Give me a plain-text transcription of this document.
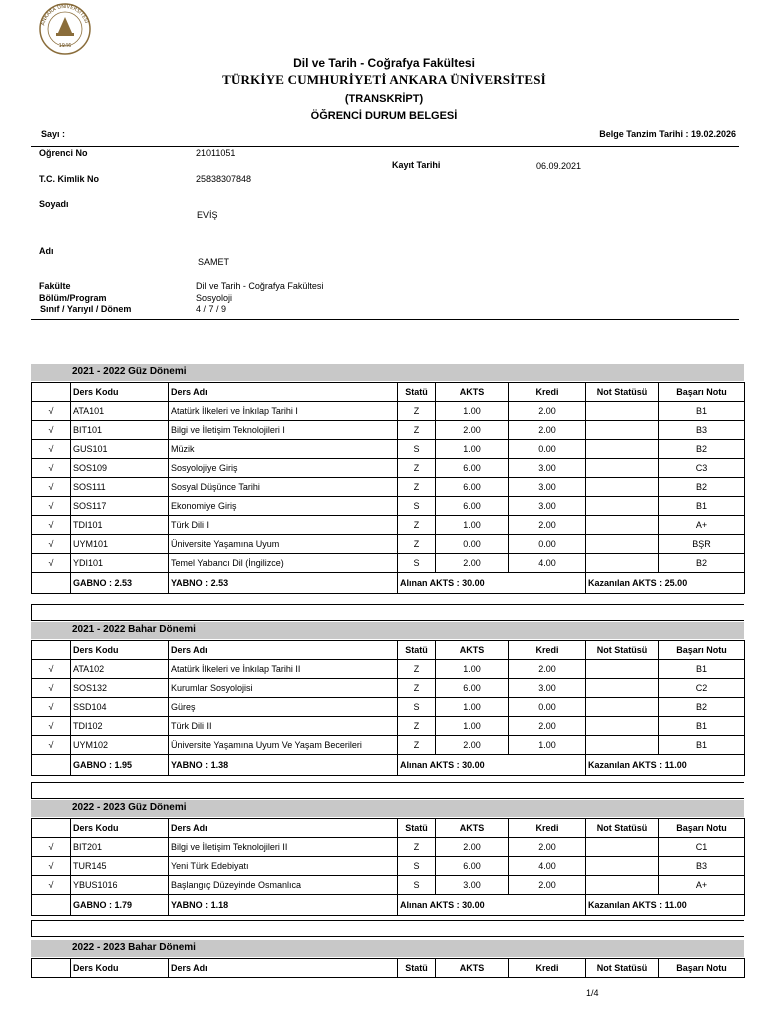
ANKARA ÜNİVERSİTESİ
1946
Dil ve Tarih - Coğrafya Fakültesi
TÜRKİYE CUMHURİYETİ ANKARA ÜNİVERSİTESİ
(TRANSKRİPT)
ÖĞRENCİ DURUM BELGESİ
Sayı :	Belge Tanzim Tarihi : 19.02.2026
Oğrenci No	21011051
Kayıt Tarihi	06.09.2021
T.C. Kimlik No	25838307848
Soyadı
EVİŞ
Adı
SAMET
Fakülte	Dil ve Tarih - Coğrafya Fakültesi
Bölüm/Program	Sosyoloji
Sınıf / Yarıyıl / Dönem	4 / 7 / 9
2021 - 2022 Güz Dönemi
	Ders Kodu	Ders Adı	Statü	AKTS	Kredi	Not Statüsü	Başarı Notu
√	ATA101	Atatürk İlkeleri ve İnkılap Tarihi I	Z	1.00	2.00		B1
√	BIT101	Bilgi ve İletişim Teknolojileri I	Z	2.00	2.00		B3
√	GUS101	Müzik	S	1.00	0.00		B2
√	SOS109	Sosyolojiye Giriş	Z	6.00	3.00		C3
√	SOS111	Sosyal Düşünce Tarihi	Z	6.00	3.00		B2
√	SOS117	Ekonomiye Giriş	S	6.00	3.00		B1
√	TDI101	Türk Dili I	Z	1.00	2.00		A+
√	UYM101	Üniversite Yaşamına Uyum	Z	0.00	0.00		BŞR
√	YDI101	Temel Yabancı Dil (İngilizce)	S	2.00	4.00		B2
	GABNO : 2.53	YABNO : 2.53	Alınan AKTS : 30.00			Kazanılan AKTS : 25.00	
2021 - 2022 Bahar Dönemi
	Ders Kodu	Ders Adı	Statü	AKTS	Kredi	Not Statüsü	Başarı Notu
√	ATA102	Atatürk İlkeleri ve İnkılap Tarihi II	Z	1.00	2.00		B1
√	SOS132	Kurumlar Sosyolojisi	Z	6.00	3.00		C2
√	SSD104	Güreş	S	1.00	0.00		B2
√	TDI102	Türk Dili II	Z	1.00	2.00		B1
√	UYM102	Üniversite Yaşamına Uyum Ve Yaşam Becerileri	Z	2.00	1.00		B1
	GABNO : 1.95	YABNO : 1.38	Alınan AKTS : 30.00			Kazanılan AKTS : 11.00	
2022 - 2023 Güz Dönemi
	Ders Kodu	Ders Adı	Statü	AKTS	Kredi	Not Statüsü	Başarı Notu
√	BIT201	Bilgi ve İletişim Teknolojileri II	Z	2.00	2.00		C1
√	TUR145	Yeni Türk Edebiyatı	S	6.00	4.00		B3
√	YBUS1016	Başlangıç Düzeyinde Osmanlıca	S	3.00	2.00		A+
	GABNO : 1.79	YABNO : 1.18	Alınan AKTS : 30.00			Kazanılan AKTS : 11.00	
2022 - 2023 Bahar Dönemi
	Ders Kodu	Ders Adı	Statü	AKTS	Kredi	Not Statüsü	Başarı Notu
1/4
